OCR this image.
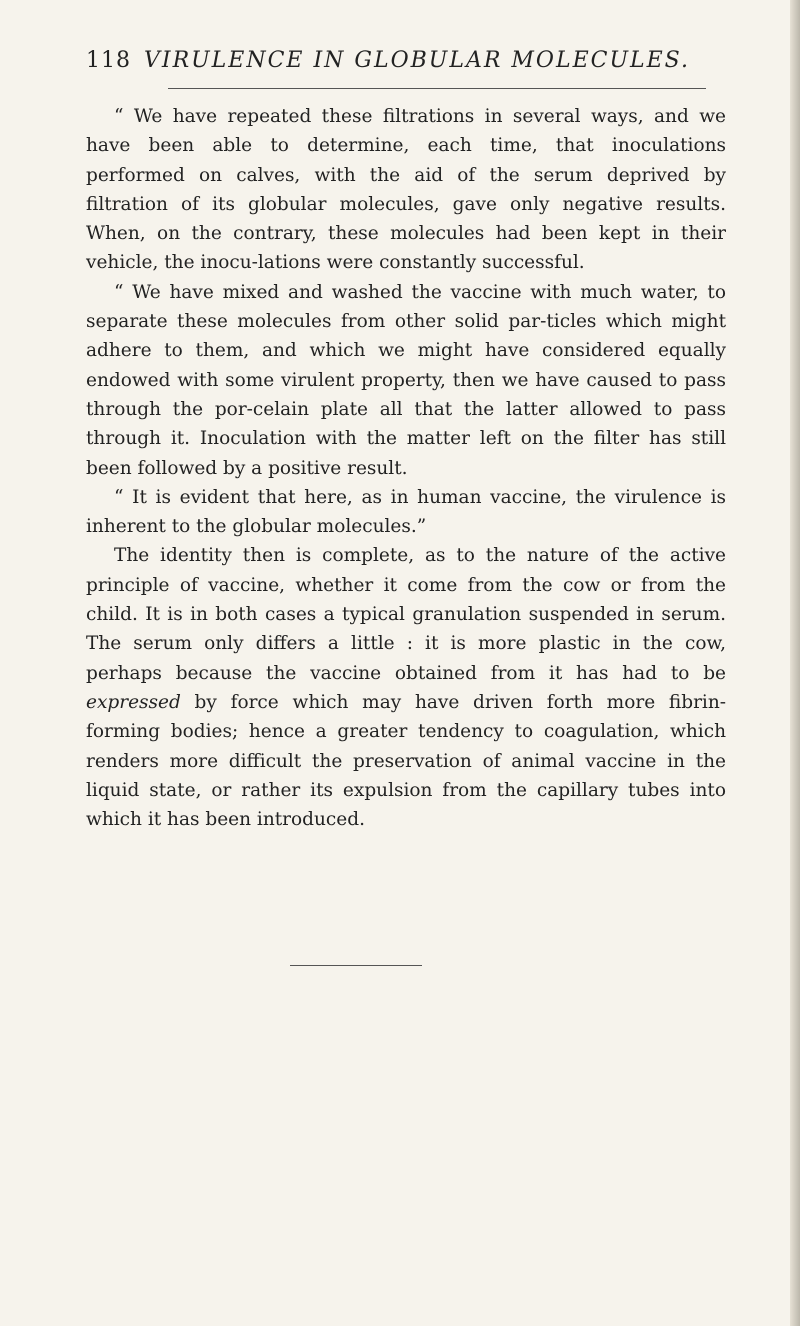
118 VIRULENCE IN GLOBULAR MOLECULES.

“ We have repeated these filtrations in several ways, and we have been able to determine, each time, that inoculations performed on calves, with the aid of the serum deprived by filtration of its globular molecules, gave only negative results. When, on the contrary, these molecules had been kept in their vehicle, the inocu-lations were constantly successful.

“ We have mixed and washed the vaccine with much water, to separate these molecules from other solid par-ticles which might adhere to them, and which we might have considered equally endowed with some virulent property, then we have caused to pass through the por-celain plate all that the latter allowed to pass through it. Inoculation with the matter left on the filter has still been followed by a positive result.

“ It is evident that here, as in human vaccine, the virulence is inherent to the globular molecules.”

The identity then is complete, as to the nature of the active principle of vaccine, whether it come from the cow or from the child. It is in both cases a typical granulation suspended in serum. The serum only differs a little : it is more plastic in the cow, perhaps because the vaccine obtained from it has had to be expressed by force which may have driven forth more fibrin-forming bodies; hence a greater tendency to coagulation, which renders more difficult the preservation of animal vaccine in the liquid state, or rather its expulsion from the capillary tubes into which it has been introduced.
